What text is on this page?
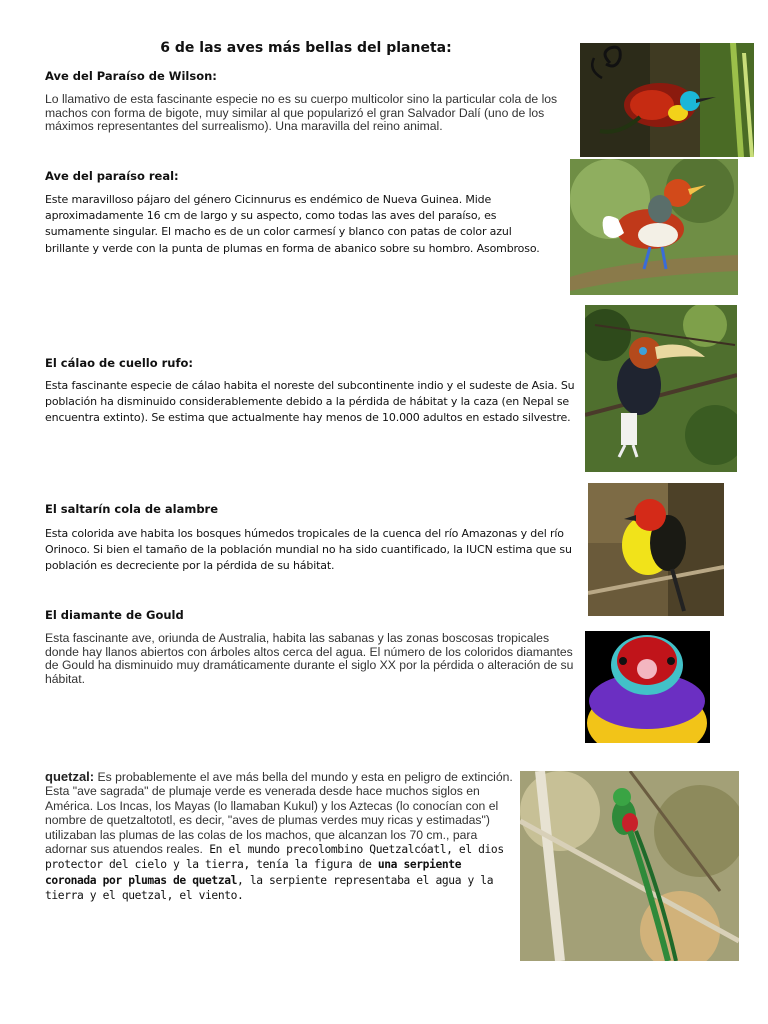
6 de las aves más bellas del planeta:
Ave del Paraíso de Wilson:
Lo llamativo de esta fascinante especie no es su cuerpo multicolor sino la particular cola de los machos con forma de bigote, muy similar al que popularizó el gran Salvador Dalí (uno de los máximos representantes del surrealismo). Una maravilla del reino animal.
Ave del paraíso real:
Este maravilloso pájaro del género Cicinnurus es endémico de Nueva Guinea. Mide aproximadamente 16 cm de largo y su aspecto, como todas las aves del paraíso, es sumamente singular. El macho es de un color carmesí y blanco con patas de color azul brillante y verde con la punta de plumas en forma de abanico sobre su hombro. Asombroso.
El cálao de cuello rufo:
Esta fascinante especie de cálao habita el noreste del subcontinente indio y el sudeste de Asia. Su población ha disminuido considerablemente debido a la pérdida de hábitat y la caza (en Nepal se encuentra extinto). Se estima que actualmente hay menos de 10.000 adultos en estado silvestre.
El saltarín cola de alambre
Esta colorida ave habita los bosques húmedos tropicales de la cuenca del río Amazonas y del río Orinoco. Si bien el tamaño de la población mundial no ha sido cuantificado, la IUCN estima que su población es decreciente por la pérdida de su hábitat.
El diamante de Gould
Esta fascinante ave, oriunda de Australia, habita las sabanas y las zonas boscosas tropicales donde hay llanos abiertos con árboles altos cerca del agua. El número de los coloridos diamantes de Gould ha disminuido muy dramáticamente durante el siglo XX por la pérdida o alteración de su hábitat.
quetzal: Es probablemente el ave más bella del mundo y esta en peligro de extinción. Esta "ave sagrada" de plumaje verde es venerada desde hace muchos siglos en América. Los Incas, los Mayas (lo llamaban Kukul) y los Aztecas (lo conocían con el nombre de quetzaltototl, es decir, "aves de plumas verdes muy ricas y estimadas") utilizaban las plumas de las colas de los machos, que alcanzan los 70 cm., para adornar sus atuendos reales. En el mundo precolombino Quetzalcóatl, el dios protector del cielo y la tierra, tenía la figura de una serpiente coronada por plumas de quetzal, la serpiente representaba el agua y la tierra y el quetzal, el viento.
